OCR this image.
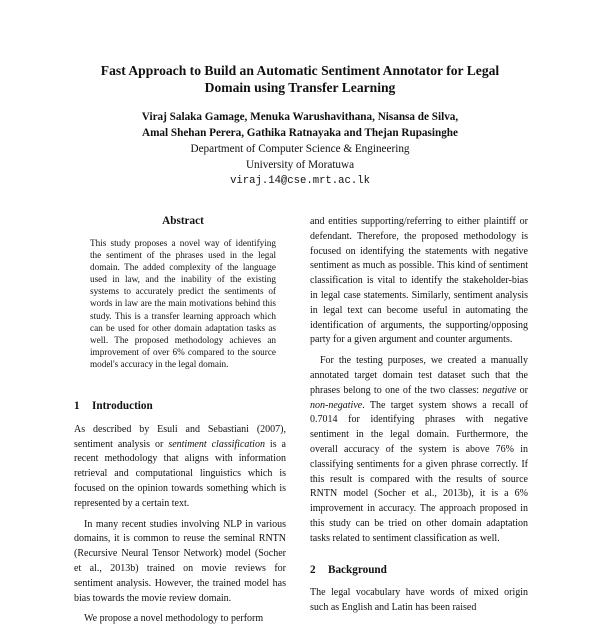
Fast Approach to Build an Automatic Sentiment Annotator for Legal
Domain using Transfer Learning
Viraj Salaka Gamage, Menuka Warushavithana, Nisansa de Silva,
Amal Shehan Perera, Gathika Ratnayaka and Thejan Rupasinghe
Department of Computer Science & Engineering
University of Moratuwa
viraj.14@cse.mrt.ac.lk
Abstract
This study proposes a novel way of identifying the sentiment of the phrases used in the legal domain. The added complexity of the language used in law, and the inability of the existing systems to accurately predict the sentiments of words in law are the main motivations behind this study. This is a transfer learning approach which can be used for other domain adaptation tasks as well. The proposed methodology achieves an improvement of over 6% compared to the source model's accuracy in the legal domain.
1 Introduction

As described by Esuli and Sebastiani (2007), sentiment analysis or sentiment classification is a recent methodology that aligns with information retrieval and computational linguistics which is focused on the opinion towards something which is represented by a certain text.

In many recent studies involving NLP in various domains, it is common to reuse the seminal RNTN (Recursive Neural Tensor Network) model (Socher et al., 2013b) trained on movie reviews for sentiment analysis. However, the trained model has bias towards the movie review domain.

We propose a novel methodology to perform

and entities supporting/referring to either plaintiff or defendant. Therefore, the proposed methodology is focused on identifying the statements with negative sentiment as much as possible. This kind of sentiment classification is vital to identify the stakeholder-bias in legal case statements. Similarly, sentiment analysis in legal text can become useful in automating the identification of arguments, the supporting/opposing party for a given argument and counter arguments.

For the testing purposes, we created a manually annotated target domain test dataset such that the phrases belong to one of the two classes: negative or non-negative. The target system shows a recall of 0.7014 for identifying phrases with negative sentiment in the legal domain. Furthermore, the overall accuracy of the system is above 76% in classifying sentiments for a given phrase correctly. If this result is compared with the results of source RNTN model (Socher et al., 2013b), it is a 6% improvement in accuracy. The approach proposed in this study can be tried on other domain adaptation tasks related to sentiment classification as well.

2 Background

The legal vocabulary have words of mixed origin such as English and Latin has been raised
